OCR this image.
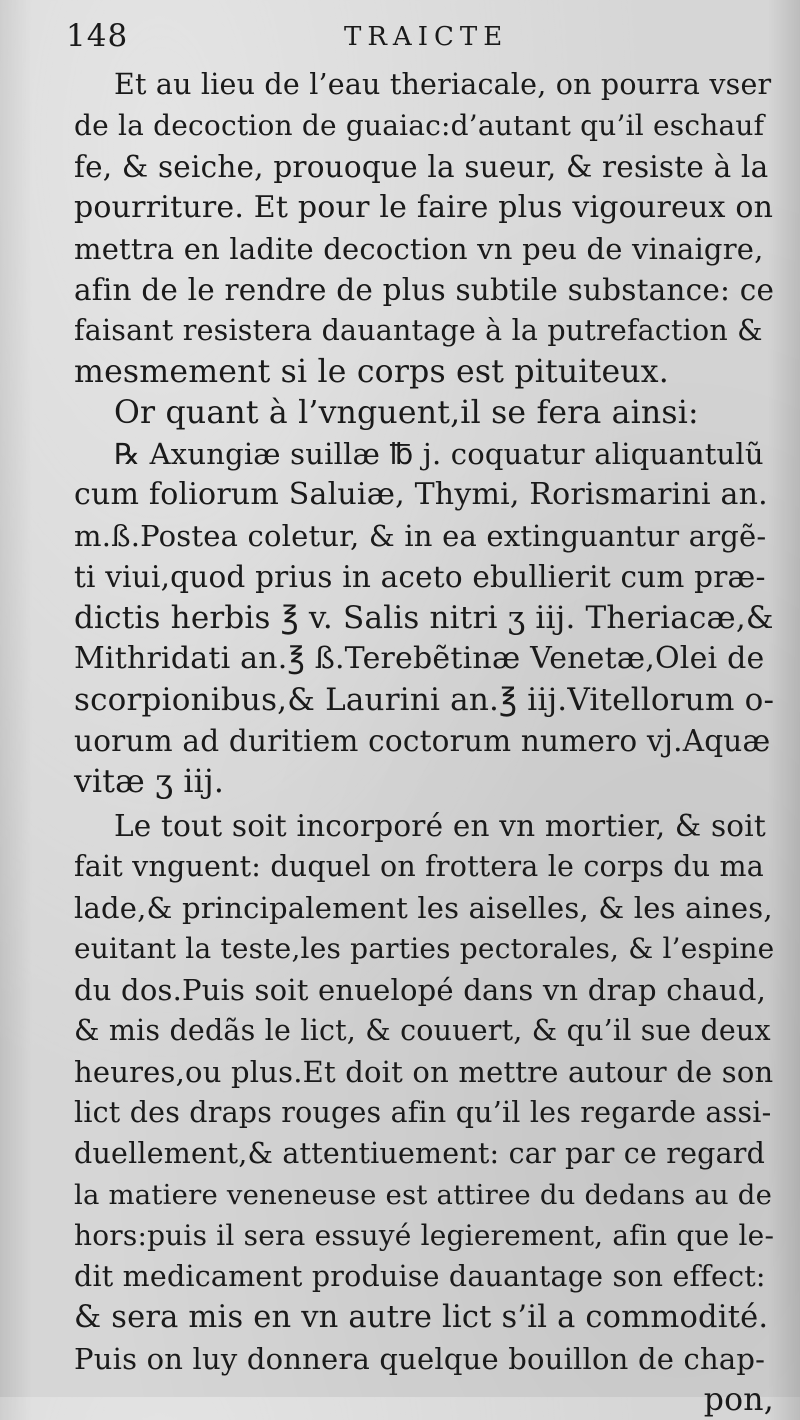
148	TRAICTE
Et au lieu de l’eau theriacale, on pourra vser
de la decoction de guaiac:d’autant qu’il eschauf
fe, & seiche, prouoque la sueur, & resiste à la
pourriture. Et pour le faire plus vigoureux on
mettra en ladite decoction vn peu de vinaigre,
afin de le rendre de plus subtile substance: ce
faisant resistera dauantage à la putrefaction &
mesmement si le corps est pituiteux.
Or quant à l’vnguent,il se fera ainsi:
℞ Axungiæ suillæ ℔ j. coquatur aliquantulũ
cum foliorum Saluiæ, Thymi, Rorismarini an.
m.ß.Postea coletur, & in ea extinguantur argẽ-
ti viui,quod prius in aceto ebullierit cum præ-
dictis herbis ℥ v. Salis nitri ʒ iij. Theriacæ,&
Mithridati an.℥ ß.Terebẽtinæ Venetæ,Olei de
scorpionibus,& Laurini an.℥ iij.Vitellorum o-
uorum ad duritiem coctorum numero vj.Aquæ
vitæ ʒ iij.
Le tout soit incorporé en vn mortier, & soit
fait vnguent: duquel on frottera le corps du ma
lade,& principalement les aiselles, & les aines,
euitant la teste,les parties pectorales, & l’espine
du dos.Puis soit enuelopé dans vn drap chaud,
& mis dedãs le lict, & couuert, & qu’il sue deux
heures,ou plus.Et doit on mettre autour de son
lict des draps rouges afin qu’il les regarde assi-
duellement,& attentiuement: car par ce regard
la matiere veneneuse est attiree du dedans au de
hors:puis il sera essuyé legierement, afin que le-
dit medicament produise dauantage son effect:
& sera mis en vn autre lict s’il a commodité.
Puis on luy donnera quelque bouillon de chap-
pon,
